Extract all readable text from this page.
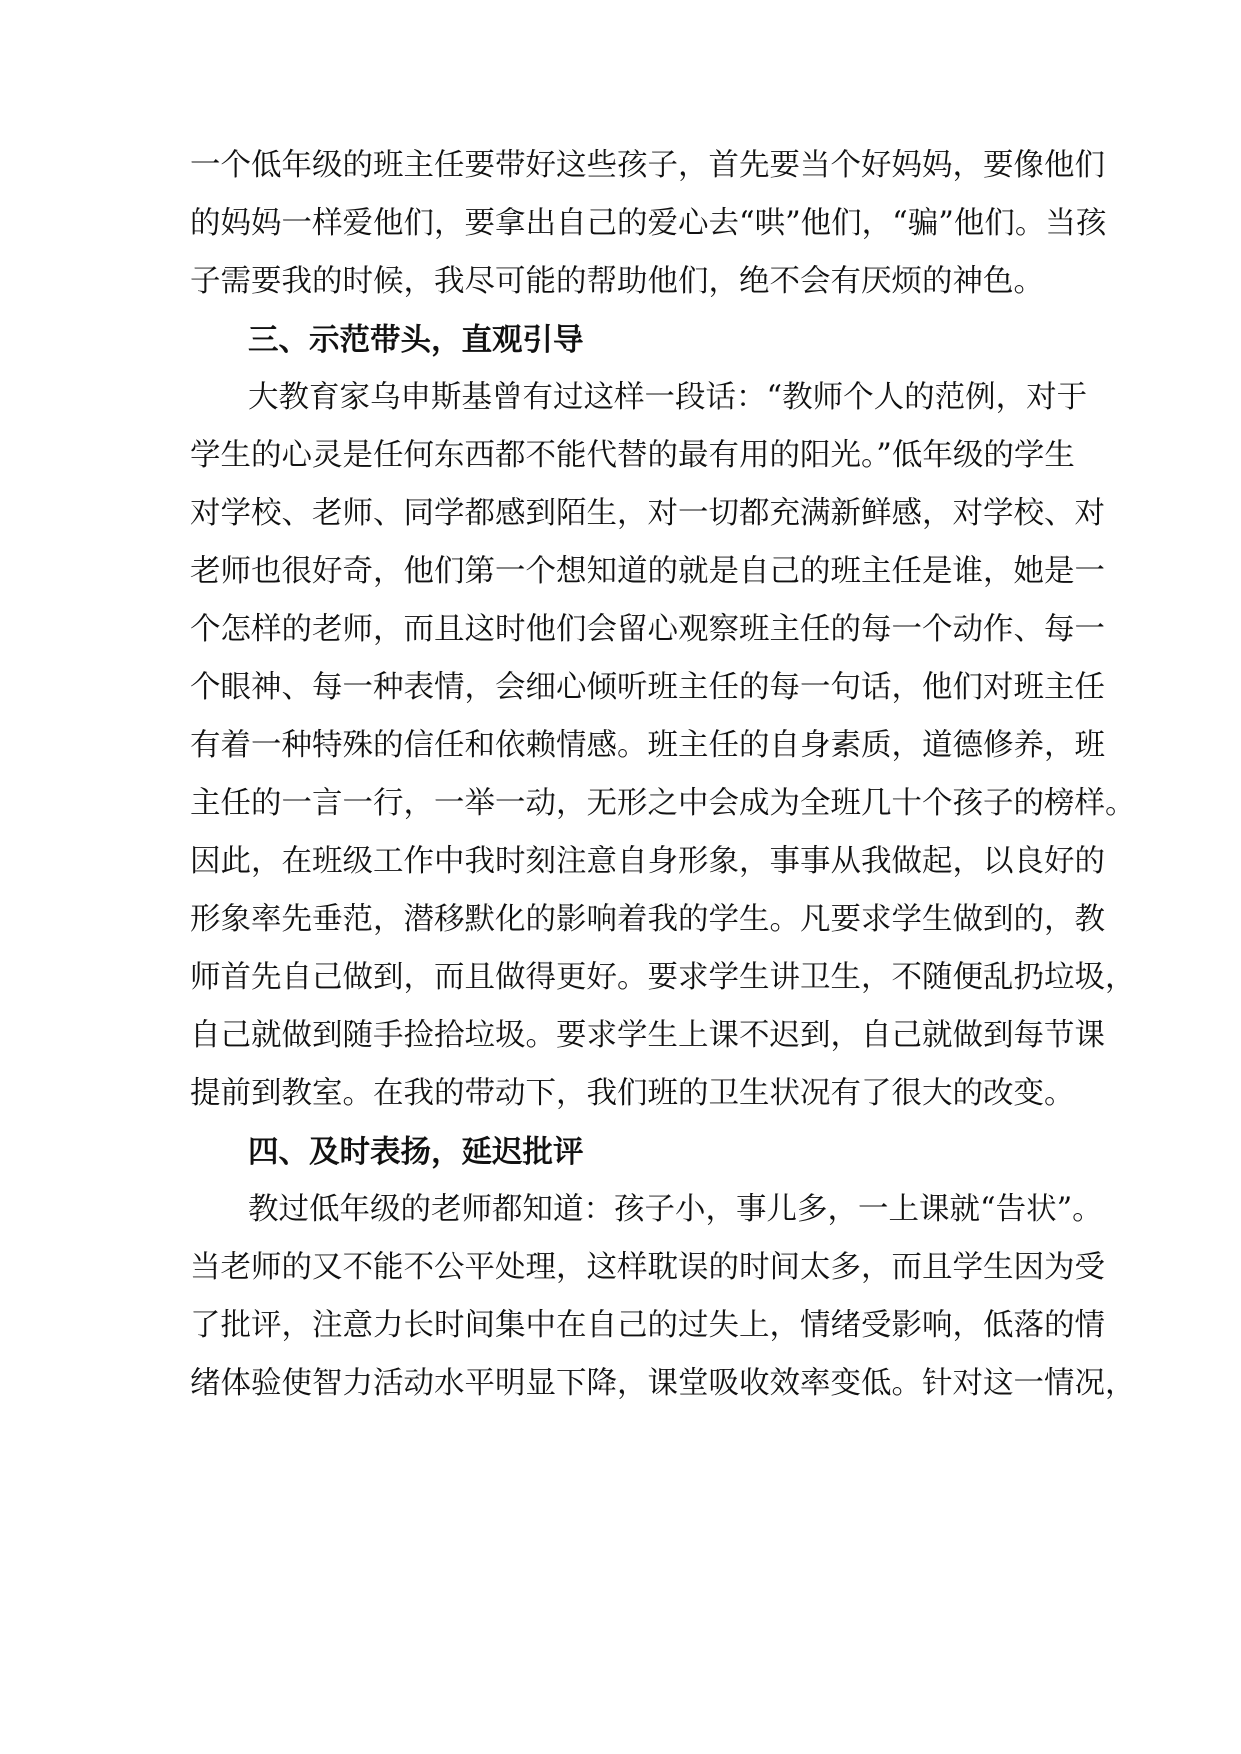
一个低年级的班主任要带好这些孩子，首先要当个好妈妈，要像他们
的妈妈一样爱他们，要拿出自己的爱心去“哄”他们，“骗”他们。当孩
子需要我的时候，我尽可能的帮助他们，绝不会有厌烦的神色。
三、示范带头，直观引导
大教育家乌申斯基曾有过这样一段话：“教师个人的范例，对于
学生的心灵是任何东西都不能代替的最有用的阳光。”低年级的学生
对学校、老师、同学都感到陌生，对一切都充满新鲜感，对学校、对
老师也很好奇，他们第一个想知道的就是自己的班主任是谁，她是一
个怎样的老师，而且这时他们会留心观察班主任的每一个动作、每一
个眼神、每一种表情，会细心倾听班主任的每一句话，他们对班主任
有着一种特殊的信任和依赖情感。班主任的自身素质，道德修养，班
主任的一言一行，一举一动，无形之中会成为全班几十个孩子的榜样。
因此，在班级工作中我时刻注意自身形象，事事从我做起，以良好的
形象率先垂范，潜移默化的影响着我的学生。凡要求学生做到的，教
师首先自己做到，而且做得更好。要求学生讲卫生，不随便乱扔垃圾，
自己就做到随手捡拾垃圾。要求学生上课不迟到，自己就做到每节课
提前到教室。在我的带动下，我们班的卫生状况有了很大的改变。
四、及时表扬，延迟批评
教过低年级的老师都知道：孩子小，事儿多，一上课就“告状”。
当老师的又不能不公平处理，这样耽误的时间太多，而且学生因为受
了批评，注意力长时间集中在自己的过失上，情绪受影响，低落的情
绪体验使智力活动水平明显下降，课堂吸收效率变低。针对这一情况，
